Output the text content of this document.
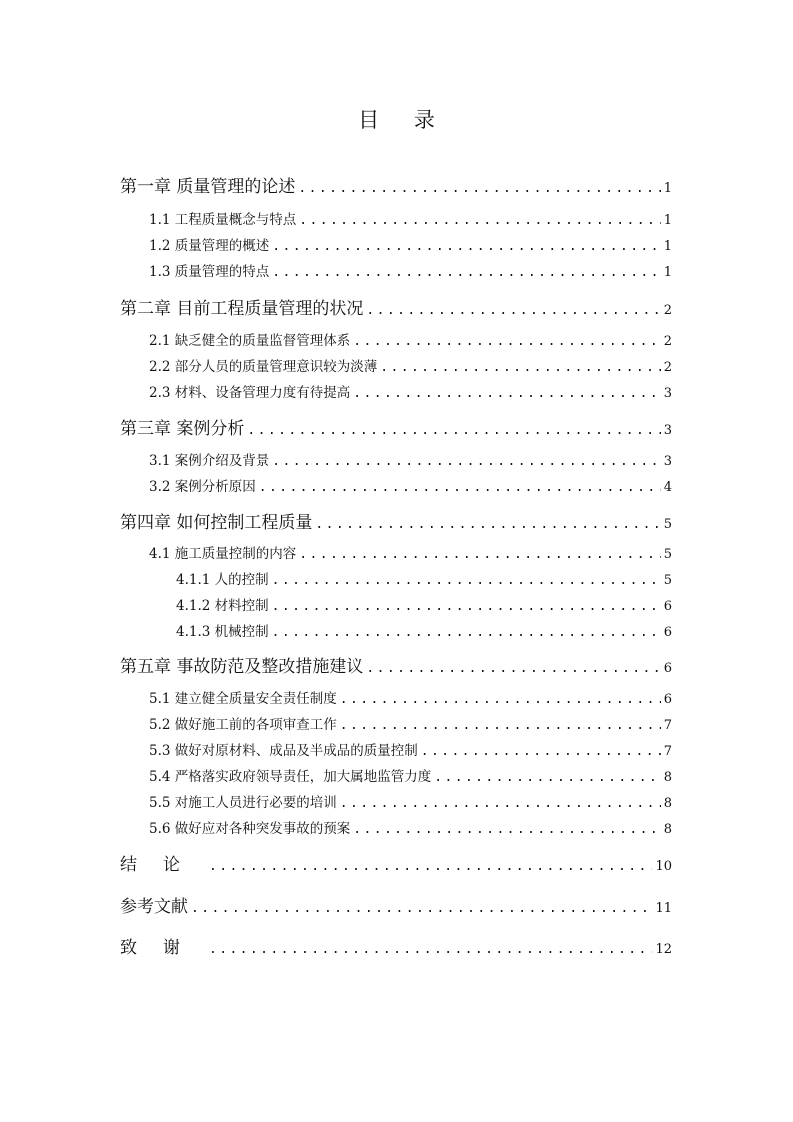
目 录
第一章 质量管理的论述 .....	1
1.1 工程质量概念与特点 .....	1
1.2 质量管理的概述 .....	1
1.3 质量管理的特点 .....	1
第二章 目前工程质量管理的状况 .....	2
2.1 缺乏健全的质量监督管理体系 .....	2
2.2 部分人员的质量管理意识较为淡薄 .....	2
2.3 材料、设备管理力度有待提高 .....	3
第三章 案例分析 .....	3
3.1 案例介绍及背景 .....	3
3.2 案例分析原因 .....	4
第四章 如何控制工程质量 .....	5
4.1 施工质量控制的内容 .....	5
4.1.1 人的控制 .....	5
4.1.2 材料控制 .....	6
4.1.3 机械控制 .....	6
第五章 事故防范及整改措施建议 .....	6
5.1 建立健全质量安全责任制度 .....	6
5.2 做好施工前的各项审查工作 .....	7
5.3 做好对原材料、成品及半成品的质量控制 .....	7
5.4 严格落实政府领导责任，加大属地监管力度 .....	8
5.5 对施工人员进行必要的培训 .....	8
5.6 做好应对各种突发事故的预案 .....	8
结论 .....	10
参考文献 .....	11
致谢 .....	12
